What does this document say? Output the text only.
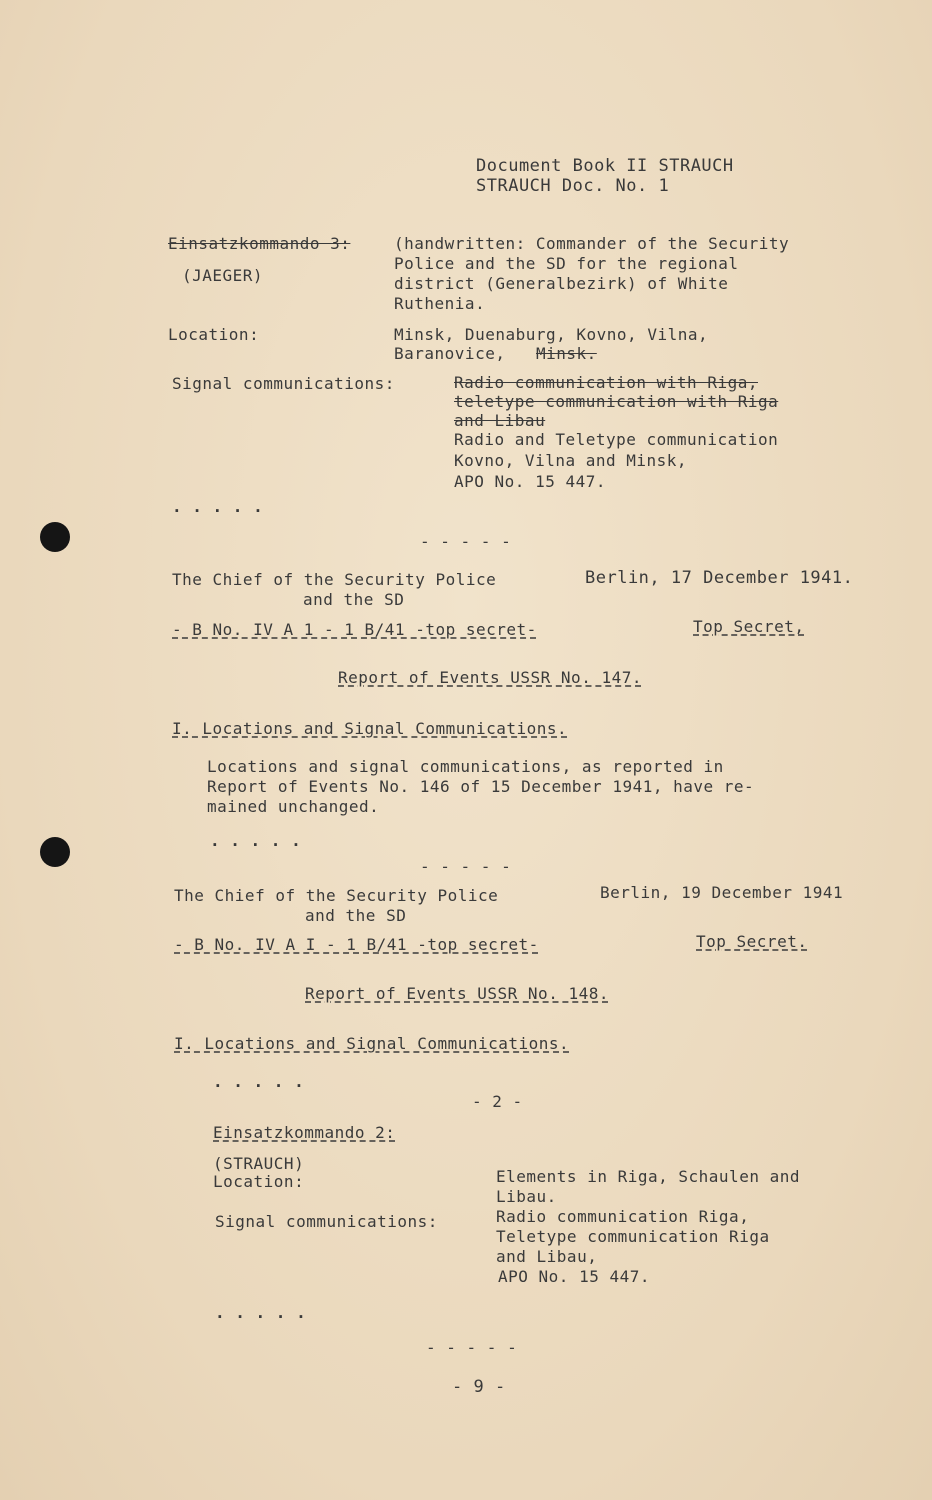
Document Book II STRAUCH
STRAUCH Doc. No. 1
Einsatzkommando 3:
(JAEGER)
(handwritten: Commander of the Security
Police and the SD for the regional
district (Generalbezirk) of White
Ruthenia.
Location:	Minsk, Duenaburg, Kovno, Vilna,
Baranovice, Minsk.
Signal communications:	Radio communication with Riga,
teletype communication with Riga
and Libau
Radio and Teletype communication
Kovno, Vilna and Minsk,
APO No. 15 447.
. . . . .
- - - - -
The Chief of the Security Police
and the SD
Berlin, 17 December 1941.
- B No. IV A 1 - 1 B/41 -top secret-	Top Secret,
Report of Events USSR No. 147.
I. Locations and Signal Communications.
Locations and signal communications, as reported in
Report of Events No. 146 of 15 December 1941, have re-
mained unchanged.
. . . . .
- - - - -
The Chief of the Security Police
and the SD
Berlin, 19 December 1941
- B No. IV A I - 1 B/41 -top secret-	Top Secret.
Report of Events USSR No. 148.
I. Locations and Signal Communications.
. . . . .
- 2 -
Einsatzkommando 2:
(STRAUCH)
Location:	Elements in Riga, Schaulen and
Libau.
Signal communications:	Radio communication Riga,
Teletype communication Riga
and Libau,
APO No. 15 447.
. . . . .
- - - - -
- 9 -
